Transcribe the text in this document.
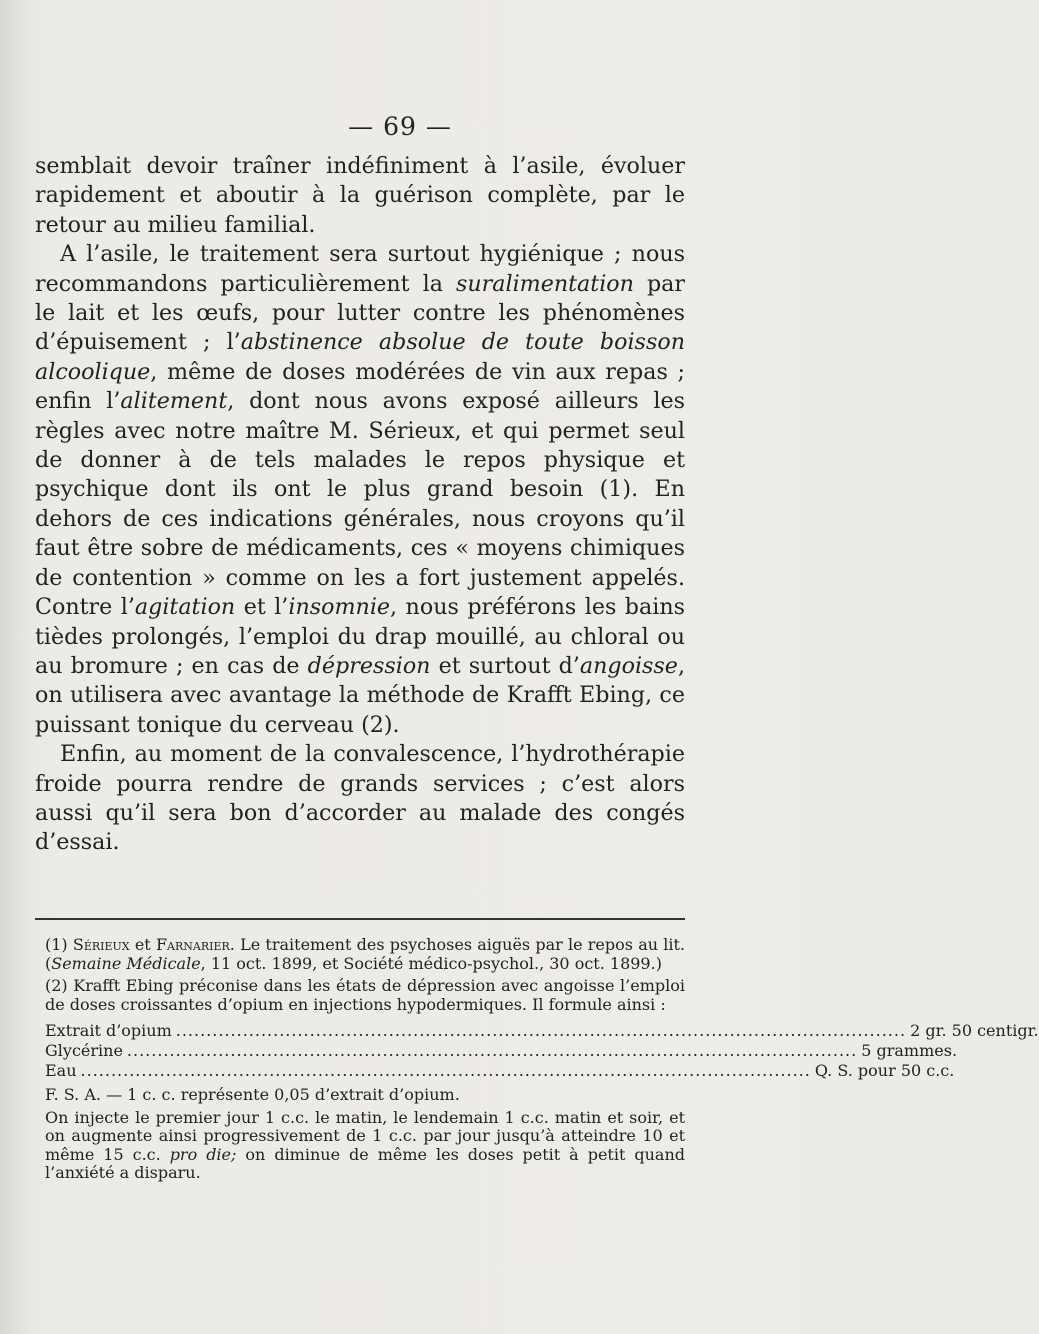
— 69 —

semblait devoir traîner indéfiniment à l’asile, évoluer rapidement et aboutir à la guérison complète, par le retour au milieu familial.

A l’asile, le traitement sera surtout hygiénique ; nous recommandons particulièrement la suralimentation par le lait et les œufs, pour lutter contre les phénomènes d’épuisement ; l’abstinence absolue de toute boisson alcoolique, même de doses modérées de vin aux repas ; enfin l’alitement, dont nous avons exposé ailleurs les règles avec notre maître M. Sérieux, et qui permet seul de donner à de tels malades le repos physique et psychique dont ils ont le plus grand besoin (1). En dehors de ces indications générales, nous croyons qu’il faut être sobre de médicaments, ces « moyens chimiques de contention » comme on les a fort justement appelés. Contre l’agitation et l’insomnie, nous préférons les bains tièdes prolongés, l’emploi du drap mouillé, au chloral ou au bromure ; en cas de dépression et surtout d’angoisse, on utilisera avec avantage la méthode de Krafft Ebing, ce puissant tonique du cerveau (2).

Enfin, au moment de la convalescence, l’hydrothérapie froide pourra rendre de grands services ; c’est alors aussi qu’il sera bon d’accorder au malade des congés d’essai.

(1) Sérieux et Farnarier. Le traitement des psychoses aiguës par le repos au lit. (Semaine Médicale, 11 oct. 1899, et Société médico-psychol., 30 oct. 1899.)

(2) Krafft Ebing préconise dans les états de dépression avec angoisse l’emploi de doses croissantes d’opium en injections hypodermiques. Il formule ainsi :

Extrait d’opium ........................................................................................................................ 2 gr. 50 centigr.
Glycérine ........................................................................................................................ 5 grammes.
Eau ........................................................................................................................ Q. S. pour 50 c.c.

F. S. A. — 1 c. c. représente 0,05 d’extrait d’opium.

On injecte le premier jour 1 c.c. le matin, le lendemain 1 c.c. matin et soir, et on augmente ainsi progressivement de 1 c.c. par jour jusqu’à atteindre 10 et même 15 c.c. pro die; on diminue de même les doses petit à petit quand l’anxiété a disparu.
